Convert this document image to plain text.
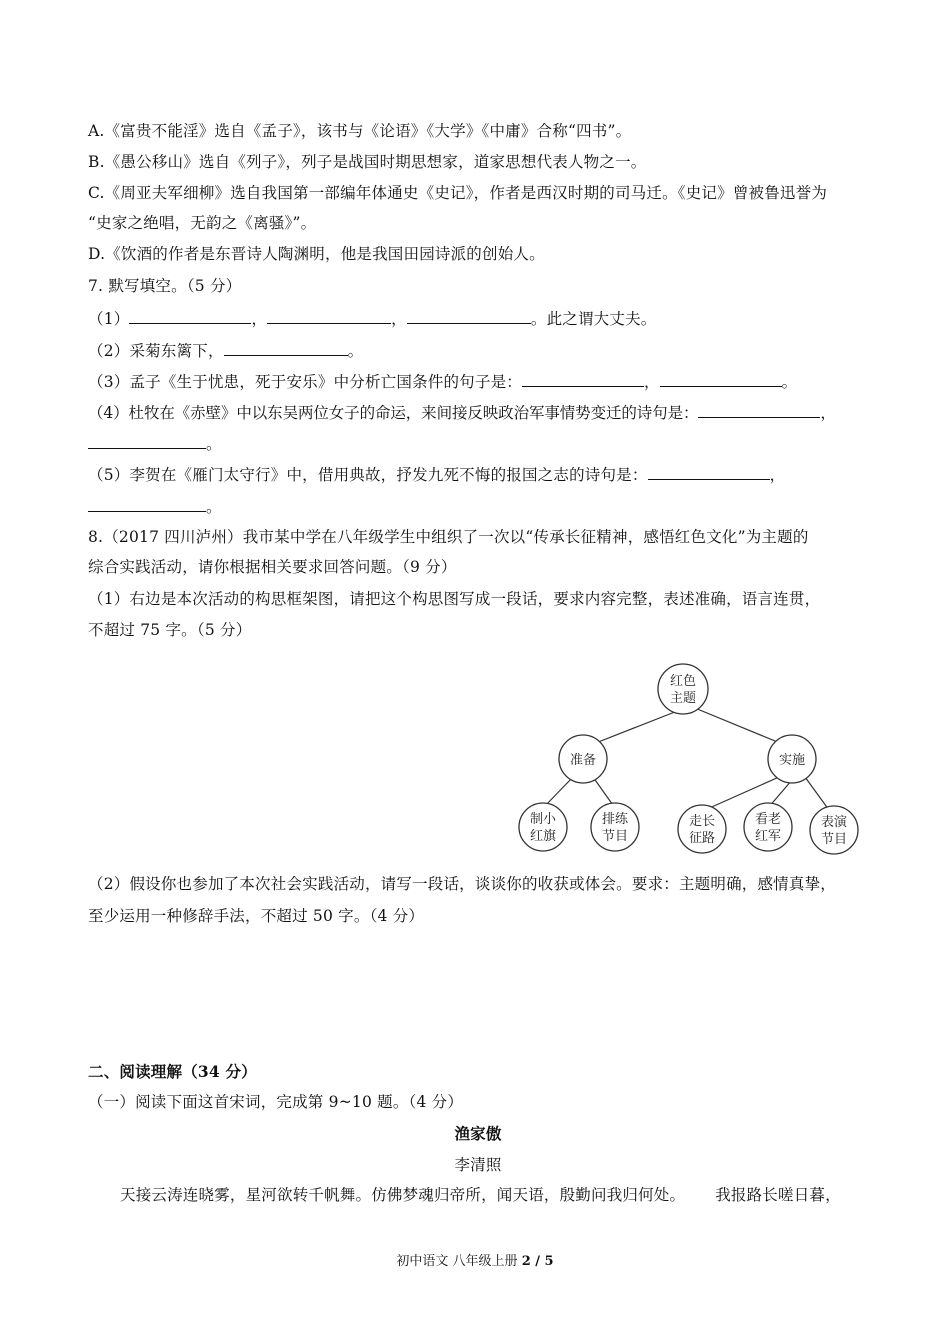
A.《富贵不能淫》选自《孟子》，该书与《论语》《大学》《中庸》合称“四书”。
B.《愚公移山》选自《列子》，列子是战国时期思想家，道家思想代表人物之一。
C.《周亚夫军细柳》选自我国第一部编年体通史《史记》，作者是西汉时期的司马迁。《史记》曾被鲁迅誉为
“史家之绝唱，无韵之《离骚》”。
D.《饮酒的作者是东晋诗人陶渊明，他是我国田园诗派的创始人。
7. 默写填空。（5 分）
（1）	，	，	。此之谓大丈夫。
（2）采菊东篱下，	。
（3）孟子《生于忧患，死于安乐》中分析亡国条件的句子是：	，	。
（4）杜牧在《赤壁》中以东吴两位女子的命运，来间接反映政治军事情势变迁的诗句是：	，
。
（5）李贺在《雁门太守行》中，借用典故，抒发九死不悔的报国之志的诗句是：	，
。
8.（2017 四川泸州）我市某中学在八年级学生中组织了一次以“传承长征精神，感悟红色文化”为主题的
综合实践活动，请你根据相关要求回答问题。（9 分）
（1）右边是本次活动的构思框架图，请把这个构思图写成一段话，要求内容完整，表述准确，语言连贯，
不超过 75 字。（5 分）
红色
主题
准备	实施
制小
红旗
排练
节目
走长
征路
看老
红军
表演
节目
（2）假设你也参加了本次社会实践活动，请写一段话，谈谈你的收获或体会。要求：主题明确，感情真挚，
至少运用一种修辞手法，不超过 50 字。（4 分）
二、阅读理解（34 分）
（一）阅读下面这首宋词，完成第 9~10 题。（4 分）
渔家傲
李清照
天接云涛连晓雾，星河欲转千帆舞。仿佛梦魂归帝所，闻天语，殷勤问我归何处。 我报路长嗟日暮，
初中语文 八年级上册 2 / 5
